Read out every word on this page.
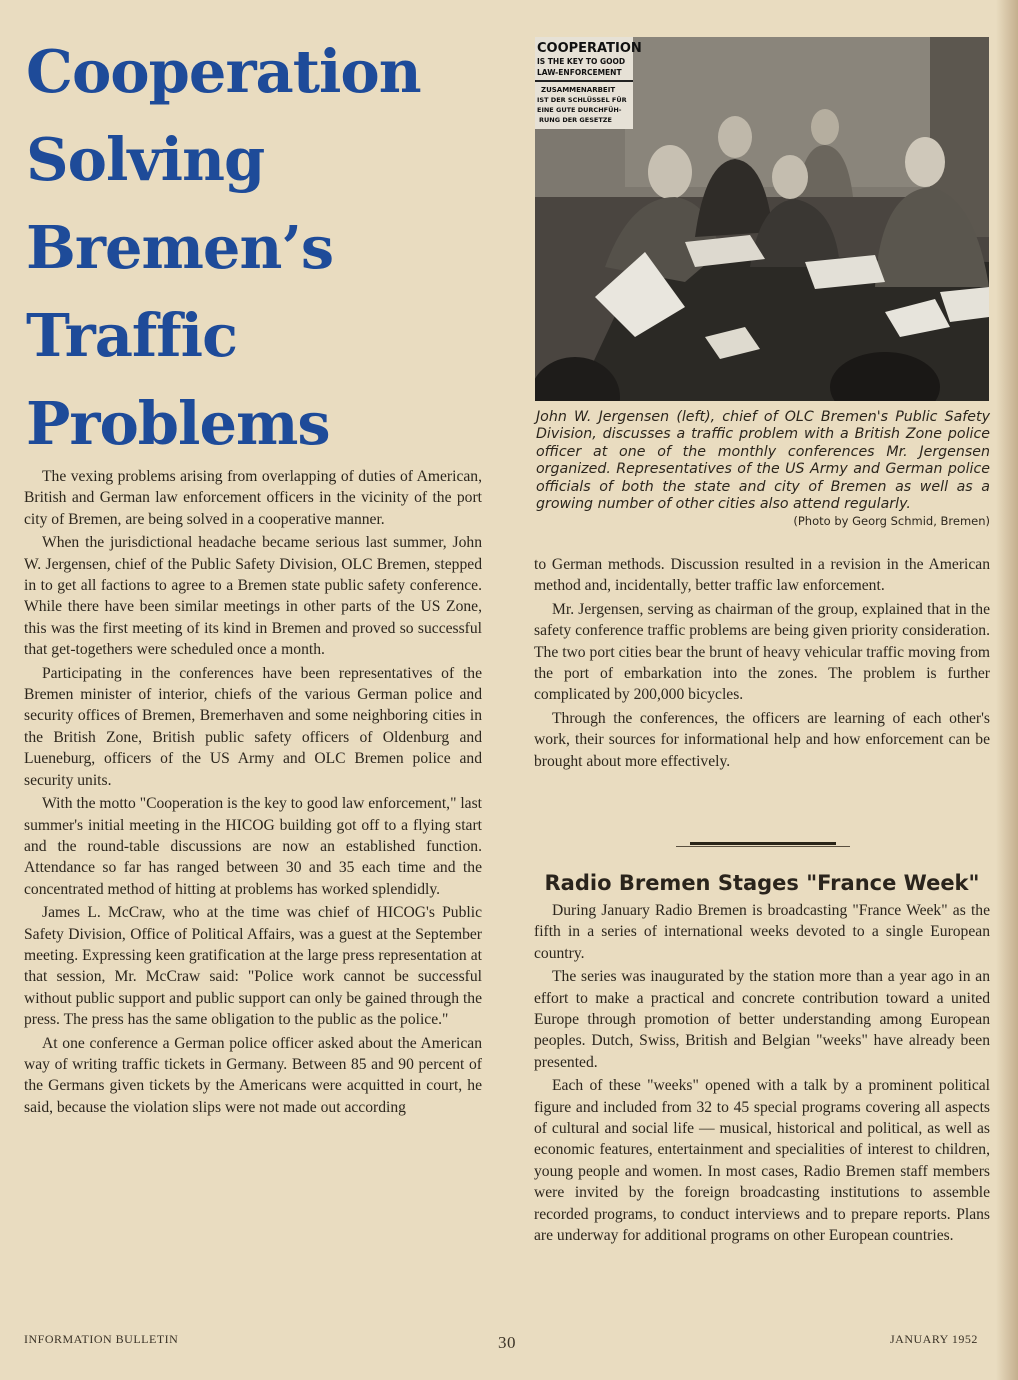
Cooperation
Solving
Bremen’s
Traffic
Problems
COOPERATION
IS THE KEY TO GOOD
LAW-ENFORCEMENT
ZUSAMMENARBEIT
IST DER SCHLÜSSEL FÜR
EINE GUTE DURCHFÜH-
RUNG DER GESETZE
John W. Jergensen (left), chief of OLC Bremen's Public Safety Division, discusses a traffic problem with a British Zone police officer at one of the monthly conferences Mr. Jergensen organized. Representatives of the US Army and German police officials of both the state and city of Bremen as well as a growing number of other cities also attend regularly.
(Photo by Georg Schmid, Bremen)

The vexing problems arising from overlapping of duties of American, British and German law enforcement officers in the vicinity of the port city of Bremen, are being solved in a cooperative manner.

When the jurisdictional headache became serious last summer, John W. Jergensen, chief of the Public Safety Division, OLC Bremen, stepped in to get all factions to agree to a Bremen state public safety conference. While there have been similar meetings in other parts of the US Zone, this was the first meeting of its kind in Bremen and proved so successful that get-togethers were scheduled once a month.

Participating in the conferences have been representatives of the Bremen minister of interior, chiefs of the various German police and security offices of Bremen, Bremerhaven and some neighboring cities in the British Zone, British public safety officers of Oldenburg and Lueneburg, officers of the US Army and OLC Bremen police and security units.

With the motto "Cooperation is the key to good law enforcement," last summer's initial meeting in the HICOG building got off to a flying start and the round-table discussions are now an established function. Attendance so far has ranged between 30 and 35 each time and the concentrated method of hitting at problems has worked splendidly.

James L. McCraw, who at the time was chief of HICOG's Public Safety Division, Office of Political Affairs, was a guest at the September meeting. Expressing keen gratification at the large press representation at that session, Mr. McCraw said: "Police work cannot be successful without public support and public support can only be gained through the press. The press has the same obligation to the public as the police."

At one conference a German police officer asked about the American way of writing traffic tickets in Germany. Between 85 and 90 percent of the Germans given tickets by the Americans were acquitted in court, he said, because the violation slips were not made out according

to German methods. Discussion resulted in a revision in the American method and, incidentally, better traffic law enforcement.

Mr. Jergensen, serving as chairman of the group, explained that in the safety conference traffic problems are being given priority consideration. The two port cities bear the brunt of heavy vehicular traffic moving from the port of embarkation into the zones. The problem is further complicated by 200,000 bicycles.

Through the conferences, the officers are learning of each other's work, their sources for informational help and how enforcement can be brought about more effectively.

Radio Bremen Stages "France Week"

During January Radio Bremen is broadcasting "France Week" as the fifth in a series of international weeks devoted to a single European country.

The series was inaugurated by the station more than a year ago in an effort to make a practical and concrete contribution toward a united Europe through promotion of better understanding among European peoples. Dutch, Swiss, British and Belgian "weeks" have already been presented.

Each of these "weeks" opened with a talk by a prominent political figure and included from 32 to 45 special programs covering all aspects of cultural and social life — musical, historical and political, as well as economic features, entertainment and specialities of interest to children, young people and women. In most cases, Radio Bremen staff members were invited by the foreign broadcasting institutions to assemble recorded programs, to conduct interviews and to prepare reports. Plans are underway for additional programs on other European countries.

INFORMATION BULLETIN	30	JANUARY 1952
